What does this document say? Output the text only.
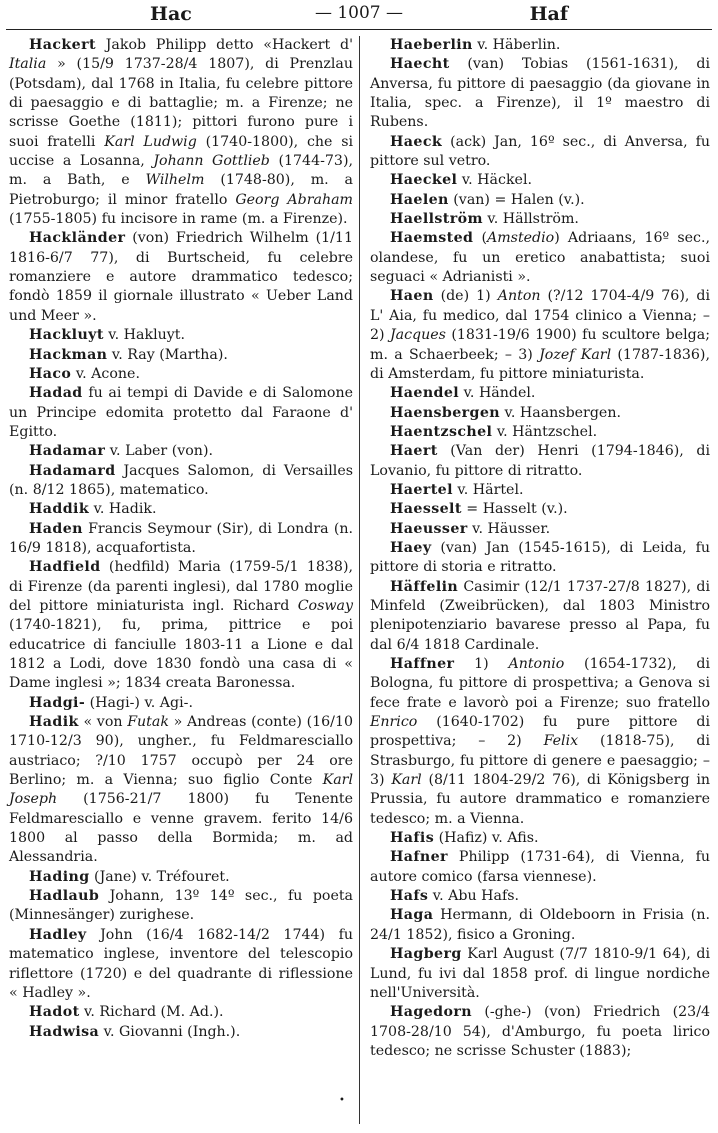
Hac	— 1007 —	Haf

Hackert Jakob Philipp detto «Hackert d' Italia » (15/9 1737-28/4 1807), di Prenzlau (Potsdam), dal 1768 in Italia, fu celebre pittore di paesaggio e di battaglie; m. a Firenze; ne scrisse Goethe (1811); pittori furono pure i suoi fratelli Karl Ludwig (1740-1800), che si uccise a Losanna, Johann Gottlieb (1744-73), m. a Bath, e Wilhelm (1748-80), m. a Pietroburgo; il minor fratello Georg Abraham (1755-1805) fu incisore in rame (m. a Firenze).

Hackländer (von) Friedrich Wilhelm (1/11 1816-6/7 77), di Burtscheid, fu celebre romanziere e autore drammatico tedesco; fondò 1859 il giornale illustrato « Ueber Land und Meer ».

Hackluyt v. Hakluyt.

Hackman v. Ray (Martha).

Haco v. Acone.

Hadad fu ai tempi di Davide e di Salomone un Principe edomita protetto dal Faraone d' Egitto.

Hadamar v. Laber (von).

Hadamard Jacques Salomon, di Versailles (n. 8/12 1865), matematico.

Haddik v. Hadik.

Haden Francis Seymour (Sir), di Londra (n. 16/9 1818), acquafortista.

Hadfield (hedfild) Maria (1759-5/1 1838), di Firenze (da parenti inglesi), dal 1780 moglie del pittore miniaturista ingl. Richard Cosway (1740-1821), fu, prima, pittrice e poi educatrice di fanciulle 1803-11 a Lione e dal 1812 a Lodi, dove 1830 fondò una casa di « Dame inglesi »; 1834 creata Baronessa.

Hadgi- (Hagi-) v. Agi-.

Hadik « von Futak » Andreas (conte) (16/10 1710-12/3 90), ungher., fu Feldmaresciallo austriaco; ?/10 1757 occupò per 24 ore Berlino; m. a Vienna; suo figlio Conte Karl Joseph (1756-21/7 1800) fu Tenente Feldmaresciallo e venne gravem. ferito 14/6 1800 al passo della Bormida; m. ad Alessandria.

Hading (Jane) v. Tréfouret.

Hadlaub Johann, 13º 14º sec., fu poeta (Minnesänger) zurighese.

Hadley John (16/4 1682-14/2 1744) fu matematico inglese, inventore del telescopio riflettore (1720) e del quadrante di riflessione « Hadley ».

Hadot v. Richard (M. Ad.).

Hadwisa v. Giovanni (Ingh.).

Haeberlin v. Häberlin.

Haecht (van) Tobias (1561-1631), di Anversa, fu pittore di paesaggio (da giovane in Italia, spec. a Firenze), il 1º maestro di Rubens.

Haeck (ack) Jan, 16º sec., di Anversa, fu pittore sul vetro.

Haeckel v. Häckel.

Haelen (van) = Halen (v.).

Haellström v. Hällström.

Haemsted (Amstedio) Adriaans, 16º sec., olandese, fu un eretico anabattista; suoi seguaci « Adrianisti ».

Haen (de) 1) Anton (?/12 1704-4/9 76), di L' Aia, fu medico, dal 1754 clinico a Vienna; – 2) Jacques (1831-19/6 1900) fu scultore belga; m. a Schaerbeek; – 3) Jozef Karl (1787-1836), di Amsterdam, fu pittore miniaturista.

Haendel v. Händel.

Haensbergen v. Haansbergen.

Haentzschel v. Häntzschel.

Haert (Van der) Henri (1794-1846), di Lovanio, fu pittore di ritratto.

Haertel v. Härtel.

Haesselt = Hasselt (v.).

Haeusser v. Häusser.

Haey (van) Jan (1545-1615), di Leida, fu pittore di storia e ritratto.

Häffelin Casimir (12/1 1737-27/8 1827), di Minfeld (Zweibrücken), dal 1803 Ministro plenipotenziario bavarese presso al Papa, fu dal 6/4 1818 Cardinale.

Haffner 1) Antonio (1654-1732), di Bologna, fu pittore di prospettiva; a Genova si fece frate e lavorò poi a Firenze; suo fratello Enrico (1640-1702) fu pure pittore di prospettiva; – 2) Felix (1818-75), di Strasburgo, fu pittore di genere e paesaggio; – 3) Karl (8/11 1804-29/2 76), di Königsberg in Prussia, fu autore drammatico e romanziere tedesco; m. a Vienna.

Hafis (Hafiz) v. Afis.

Hafner Philipp (1731-64), di Vienna, fu autore comico (farsa viennese).

Hafs v. Abu Hafs.

Haga Hermann, di Oldeboorn in Frisia (n. 24/1 1852), fisico a Groning.

Hagberg Karl August (7/7 1810-9/1 64), di Lund, fu ivi dal 1858 prof. di lingue nordiche nell'Università.

Hagedorn (-ghe-) (von) Friedrich (23/4 1708-28/10 54), d'Amburgo, fu poeta lirico tedesco; ne scrisse Schuster (1883);

•
